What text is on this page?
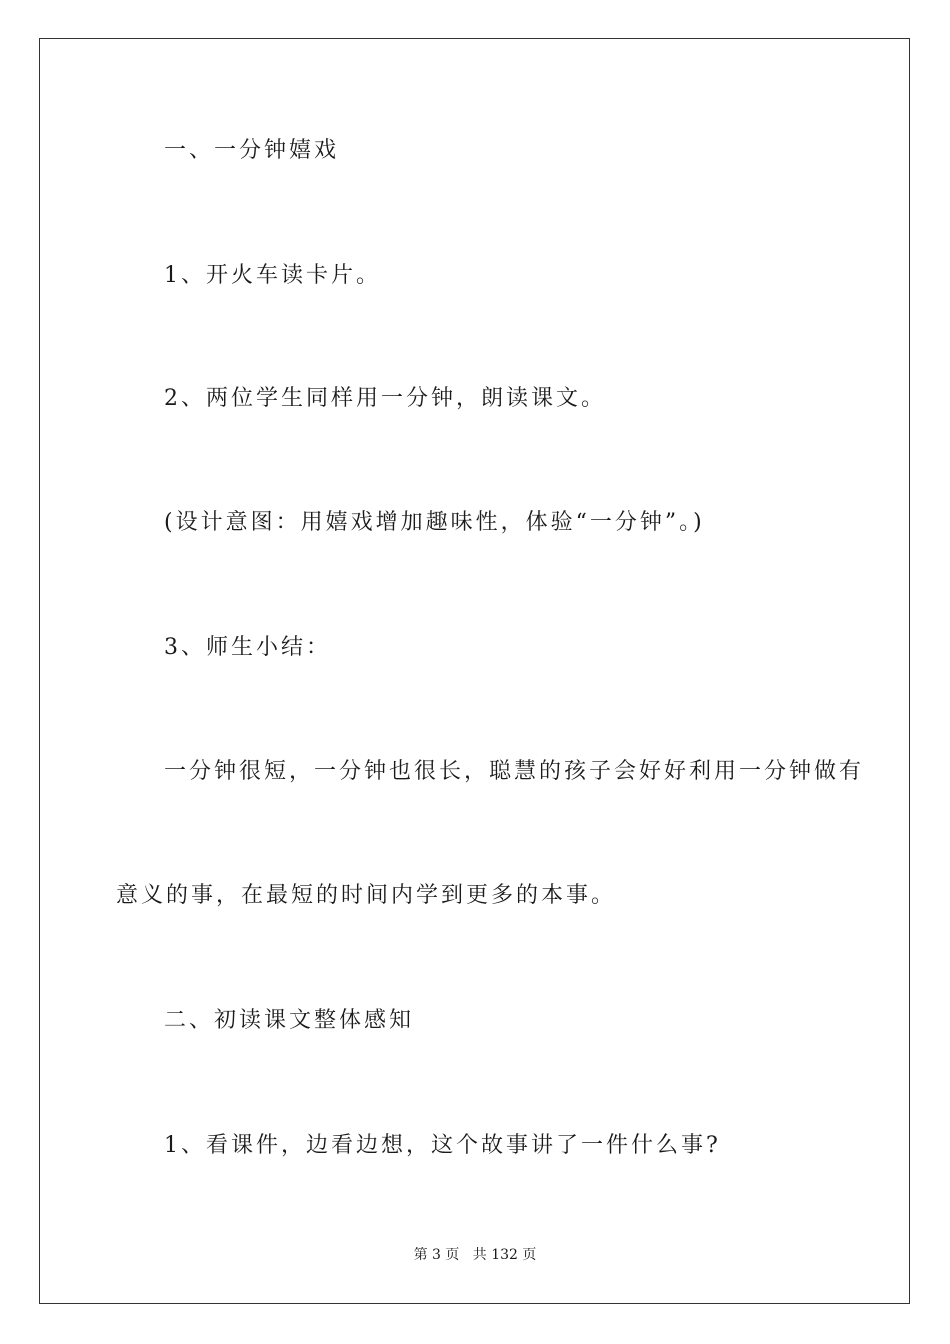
一、一分钟嬉戏
1、开火车读卡片。
2、两位学生同样用一分钟，朗读课文。
(设计意图：用嬉戏增加趣味性，体验“一分钟”。)
3、师生小结：
一分钟很短，一分钟也很长，聪慧的孩子会好好利用一分钟做有
意义的事，在最短的时间内学到更多的本事。
二、初读课文整体感知
1、看课件，边看边想，这个故事讲了一件什么事?
第 3 页 共 132 页
